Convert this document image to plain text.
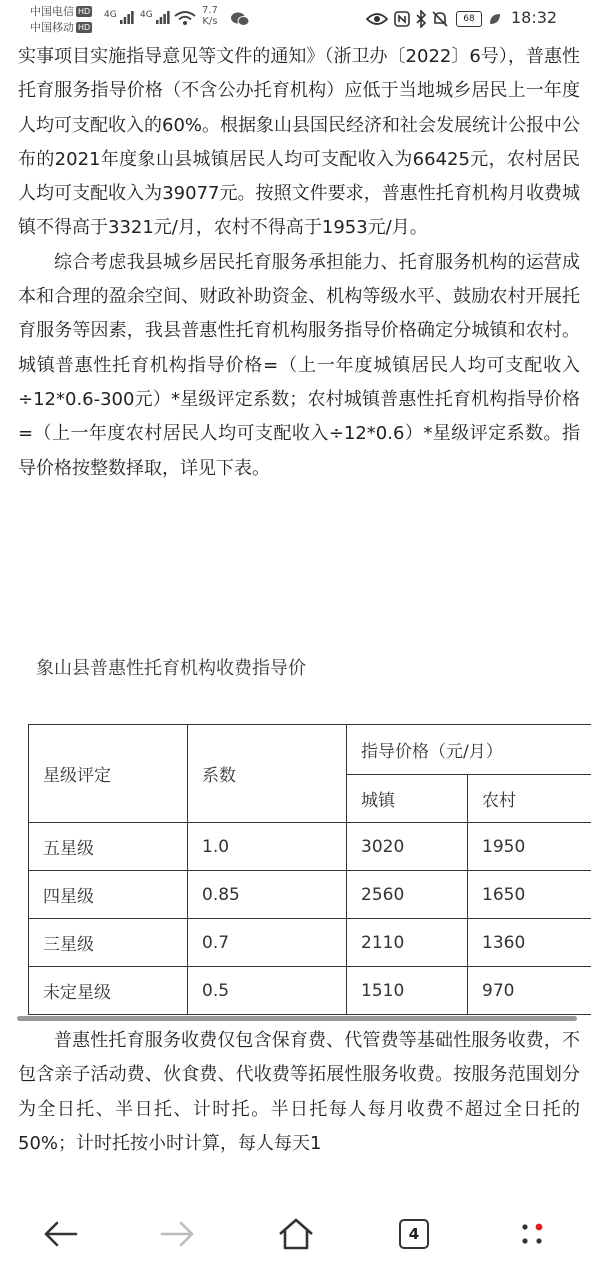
中国电信 HD
中国移动 HD
4G	4G	7.7
K/s	68	18:32

实事项目实施指导意见等文件的通知》（浙卫办〔2022〕6号），普惠性托育服务指导价格（不含公办托育机构）应低于当地城乡居民上一年度人均可支配收入的60%。根据象山县国民经济和社会发展统计公报中公布的2021年度象山县城镇居民人均可支配收入为66425元，农村居民人均可支配收入为39077元。按照文件要求，普惠性托育机构月收费城镇不得高于3321元/月，农村不得高于1953元/月。

综合考虑我县城乡居民托育服务承担能力、托育服务机构的运营成本和合理的盈余空间、财政补助资金、机构等级水平、鼓励农村开展托育服务等因素，我县普惠性托育机构服务指导价格确定分城镇和农村。城镇普惠性托育机构指导价格=（上一年度城镇居民人均可支配收入÷12*0.6-300元）*星级评定系数；农村城镇普惠性托育机构指导价格=（上一年度农村居民人均可支配收入÷12*0.6）*星级评定系数。指导价格按整数择取，详见下表。

象山县普惠性托育机构收费指导价
星级评定	系数	指导价格（元/月）	
		城镇	农村
五星级	1.0	3020	1950
四星级	0.85	2560	1650
三星级	0.7	2110	1360
未定星级	0.5	1510	970

普惠性托育服务收费仅包含保育费、代管费等基础性服务收费，不包含亲子活动费、伙食费、代收费等拓展性服务收费。按服务范围划分为全日托、半日托、计时托。半日托每人每月收费不超过全日托的50%；计时托按小时计算，每人每天1

4
